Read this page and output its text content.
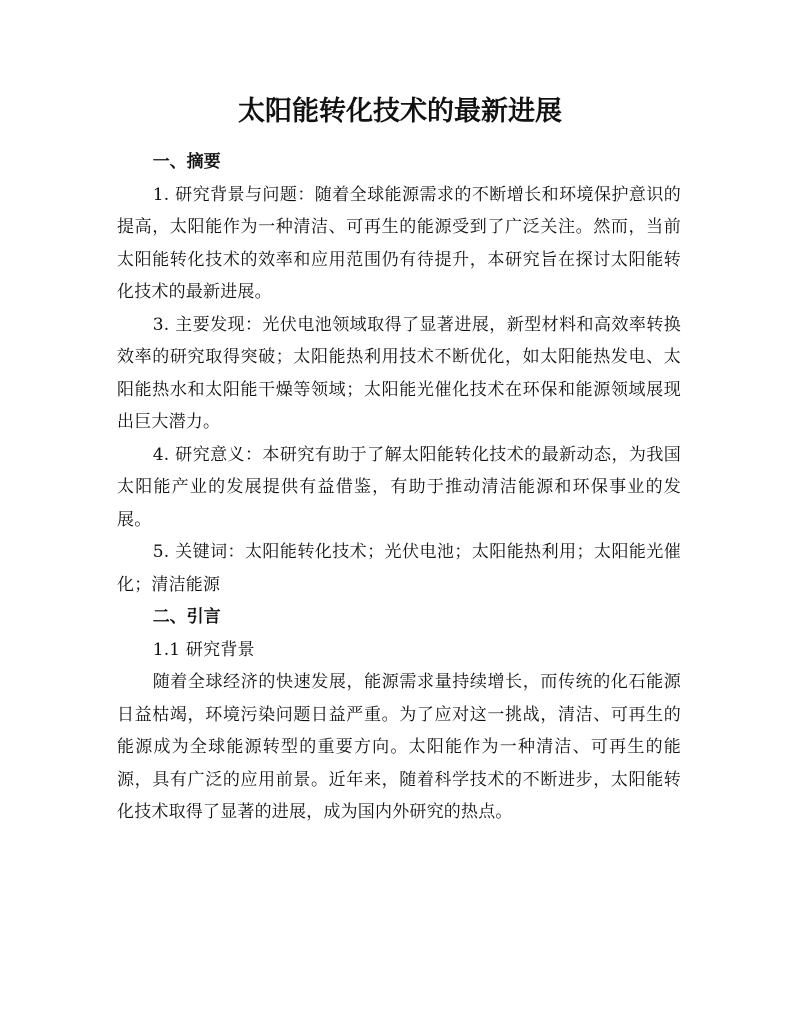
太阳能转化技术的最新进展
一、摘要

1. 研究背景与问题：随着全球能源需求的不断增长和环境保护意识的提高，太阳能作为一种清洁、可再生的能源受到了广泛关注。然而，当前太阳能转化技术的效率和应用范围仍有待提升，本研究旨在探讨太阳能转化技术的最新进展。

3. 主要发现：光伏电池领域取得了显著进展，新型材料和高效率转换效率的研究取得突破；太阳能热利用技术不断优化，如太阳能热发电、太阳能热水和太阳能干燥等领域；太阳能光催化技术在环保和能源领域展现出巨大潜力。

4. 研究意义：本研究有助于了解太阳能转化技术的最新动态，为我国太阳能产业的发展提供有益借鉴，有助于推动清洁能源和环保事业的发展。

5. 关键词：太阳能转化技术；光伏电池；太阳能热利用；太阳能光催化；清洁能源

二、引言

1.1 研究背景

随着全球经济的快速发展，能源需求量持续增长，而传统的化石能源日益枯竭，环境污染问题日益严重。为了应对这一挑战，清洁、可再生的能源成为全球能源转型的重要方向。太阳能作为一种清洁、可再生的能源，具有广泛的应用前景。近年来，随着科学技术的不断进步，太阳能转化技术取得了显著的进展，成为国内外研究的热点。
